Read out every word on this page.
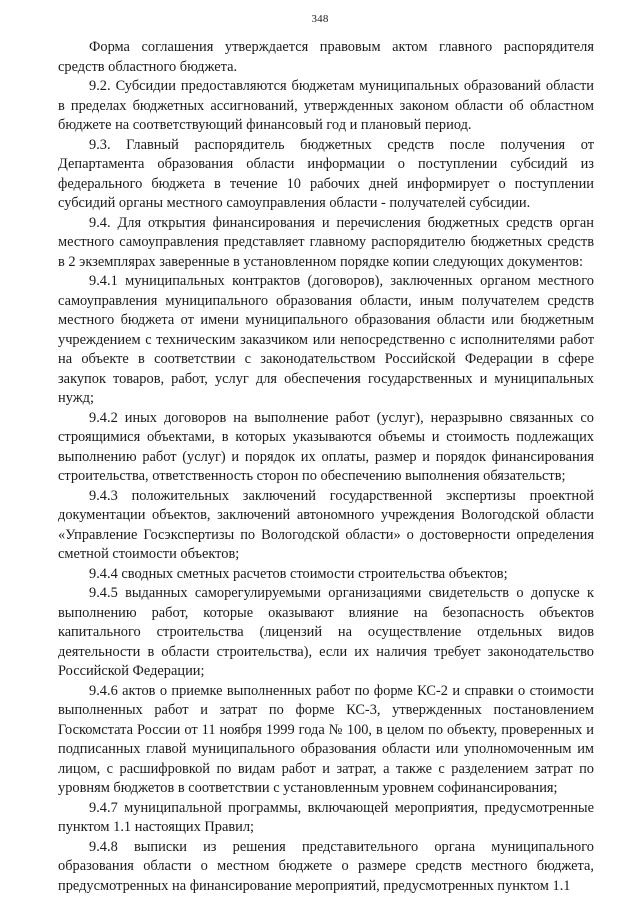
348

Форма соглашения утверждается правовым актом главного распорядителя средств областного бюджета.

9.2. Субсидии предоставляются бюджетам муниципальных образований области в пределах бюджетных ассигнований, утвержденных законом области об областном бюджете на соответствующий финансовый год и плановый период.

9.3. Главный распорядитель бюджетных средств после получения от Департамента образования области информации о поступлении субсидий из федерального бюджета в течение 10 рабочих дней информирует о поступлении субсидий органы местного самоуправления области - получателей субсидии.

9.4. Для открытия финансирования и перечисления бюджетных средств орган местного самоуправления представляет главному распорядителю бюджетных средств в 2 экземплярах заверенные в установленном порядке копии следующих документов:

9.4.1 муниципальных контрактов (договоров), заключенных органом местного самоуправления муниципального образования области, иным получателем средств местного бюджета от имени муниципального образования области или бюджетным учреждением с техническим заказчиком или непосредственно с исполнителями работ на объекте в соответствии с законодательством Российской Федерации в сфере закупок товаров, работ, услуг для обеспечения государственных и муниципальных нужд;

9.4.2 иных договоров на выполнение работ (услуг), неразрывно связанных со строящимися объектами, в которых указываются объемы и стоимость подлежащих выполнению работ (услуг) и порядок их оплаты, размер и порядок финансирования строительства, ответственность сторон по обеспечению выполнения обязательств;

9.4.3 положительных заключений государственной экспертизы проектной документации объектов, заключений автономного учреждения Вологодской области «Управление Госэкспертизы по Вологодской области» о достоверности определения сметной стоимости объектов;

9.4.4 сводных сметных расчетов стоимости строительства объектов;

9.4.5 выданных саморегулируемыми организациями свидетельств о допуске к выполнению работ, которые оказывают влияние на безопасность объектов капитального строительства (лицензий на осуществление отдельных видов деятельности в области строительства), если их наличия требует законодательство Российской Федерации;

9.4.6 актов о приемке выполненных работ по форме КС-2 и справки о стоимости выполненных работ и затрат по форме КС-3, утвержденных постановлением Госкомстата России от 11 ноября 1999 года № 100, в целом по объекту, проверенных и подписанных главой муниципального образования области или уполномоченным им лицом, с расшифровкой по видам работ и затрат, а также с разделением затрат по уровням бюджетов в соответствии с установленным уровнем софинансирования;

9.4.7 муниципальной программы, включающей мероприятия, предусмотренные пунктом 1.1 настоящих Правил;

9.4.8 выписки из решения представительного органа муниципального образования области о местном бюджете о размере средств местного бюджета, предусмотренных на финансирование мероприятий, предусмотренных пунктом 1.1
